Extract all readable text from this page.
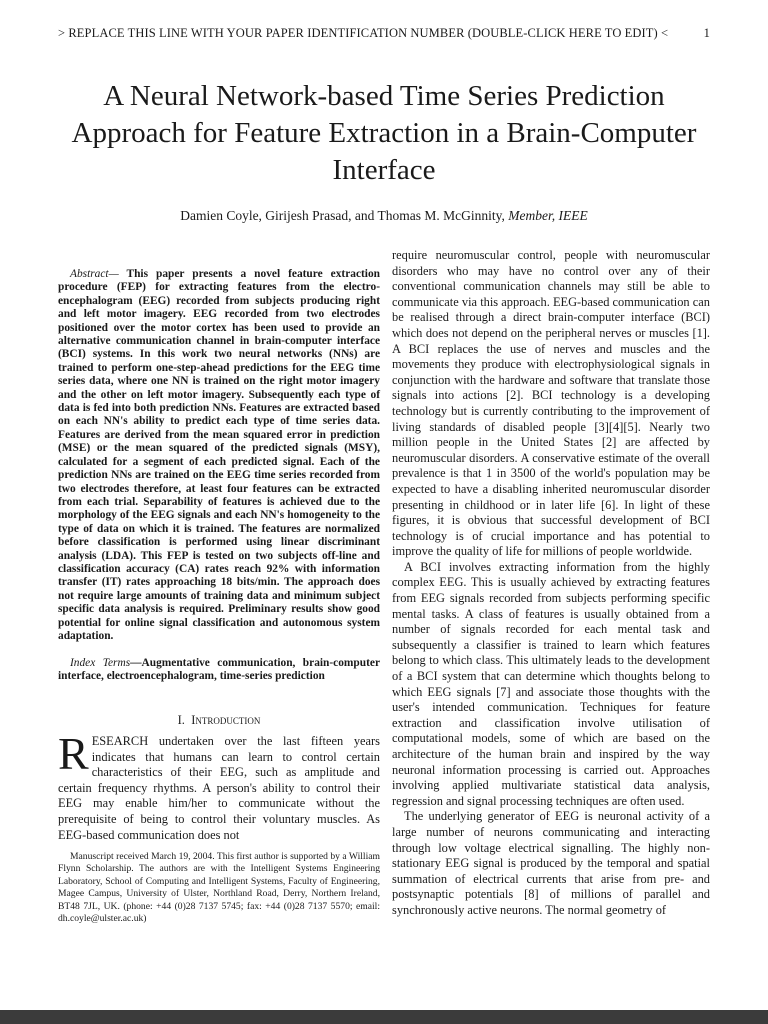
> REPLACE THIS LINE WITH YOUR PAPER IDENTIFICATION NUMBER (DOUBLE-CLICK HERE TO EDIT) <	1
A Neural Network-based Time Series Prediction Approach for Feature Extraction in a Brain-Computer Interface
Damien Coyle, Girijesh Prasad, and Thomas M. McGinnity, Member, IEEE
Abstract— This paper presents a novel feature extraction procedure (FEP) for extracting features from the electro-encephalogram (EEG) recorded from subjects producing right and left motor imagery. EEG recorded from two electrodes positioned over the motor cortex has been used to provide an alternative communication channel in brain-computer interface (BCI) systems. In this work two neural networks (NNs) are trained to perform one-step-ahead predictions for the EEG time series data, where one NN is trained on the right motor imagery and the other on left motor imagery. Subsequently each type of data is fed into both prediction NNs. Features are extracted based on each NN's ability to predict each type of time series data. Features are derived from the mean squared error in prediction (MSE) or the mean squared of the predicted signals (MSY), calculated for a segment of each predicted signal. Each of the prediction NNs are trained on the EEG time series recorded from two electrodes therefore, at least four features can be extracted from each trial. Separability of features is achieved due to the morphology of the EEG signals and each NN's homogeneity to the type of data on which it is trained. The features are normalized before classification is performed using linear discriminant analysis (LDA). This FEP is tested on two subjects off-line and classification accuracy (CA) rates reach 92% with information transfer (IT) rates approaching 18 bits/min. The approach does not require large amounts of training data and minimum subject specific data analysis is required. Preliminary results show good potential for online signal classification and autonomous system adaptation.
Index Terms—Augmentative communication, brain-computer interface, electroencephalogram, time-series prediction
I. Introduction
RESEARCH undertaken over the last fifteen years indicates that humans can learn to control certain characteristics of their EEG, such as amplitude and certain frequency rhythms. A person's ability to control their EEG may enable him/her to communicate without the prerequisite of being to control their voluntary muscles. As EEG-based communication does not
Manuscript received March 19, 2004. This first author is supported by a William Flynn Scholarship. The authors are with the Intelligent Systems Engineering Laboratory, School of Computing and Intelligent Systems, Faculty of Engineering, Magee Campus, University of Ulster, Northland Road, Derry, Northern Ireland, BT48 7JL, UK. (phone: +44 (0)28 7137 5745; fax: +44 (0)28 7137 5570; email: dh.coyle@ulster.ac.uk)

require neuromuscular control, people with neuromuscular disorders who may have no control over any of their conventional communication channels may still be able to communicate via this approach. EEG-based communication can be realised through a direct brain-computer interface (BCI) which does not depend on the peripheral nerves or muscles [1]. A BCI replaces the use of nerves and muscles and the movements they produce with electrophysiological signals in conjunction with the hardware and software that translate those signals into actions [2]. BCI technology is a developing technology but is currently contributing to the improvement of living standards of disabled people [3][4][5]. Nearly two million people in the United States [2] are affected by neuromuscular disorders. A conservative estimate of the overall prevalence is that 1 in 3500 of the world's population may be expected to have a disabling inherited neuromuscular disorder presenting in childhood or in later life [6]. In light of these figures, it is obvious that successful development of BCI technology is of crucial importance and has potential to improve the quality of life for millions of people worldwide.

A BCI involves extracting information from the highly complex EEG. This is usually achieved by extracting features from EEG signals recorded from subjects performing specific mental tasks. A class of features is usually obtained from a number of signals recorded for each mental task and subsequently a classifier is trained to learn which features belong to which class. This ultimately leads to the development of a BCI system that can determine which thoughts belong to which EEG signals [7] and associate those thoughts with the user's intended communication. Techniques for feature extraction and classification involve utilisation of computational models, some of which are based on the architecture of the human brain and inspired by the way neuronal information processing is carried out. Approaches involving applied multivariate statistical data analysis, regression and signal processing techniques are often used.

The underlying generator of EEG is neuronal activity of a large number of neurons communicating and interacting through low voltage electrical signalling. The highly non-stationary EEG signal is produced by the temporal and spatial summation of electrical currents that arise from pre- and postsynaptic potentials [8] of millions of parallel and synchronously active neurons. The normal geometry of
